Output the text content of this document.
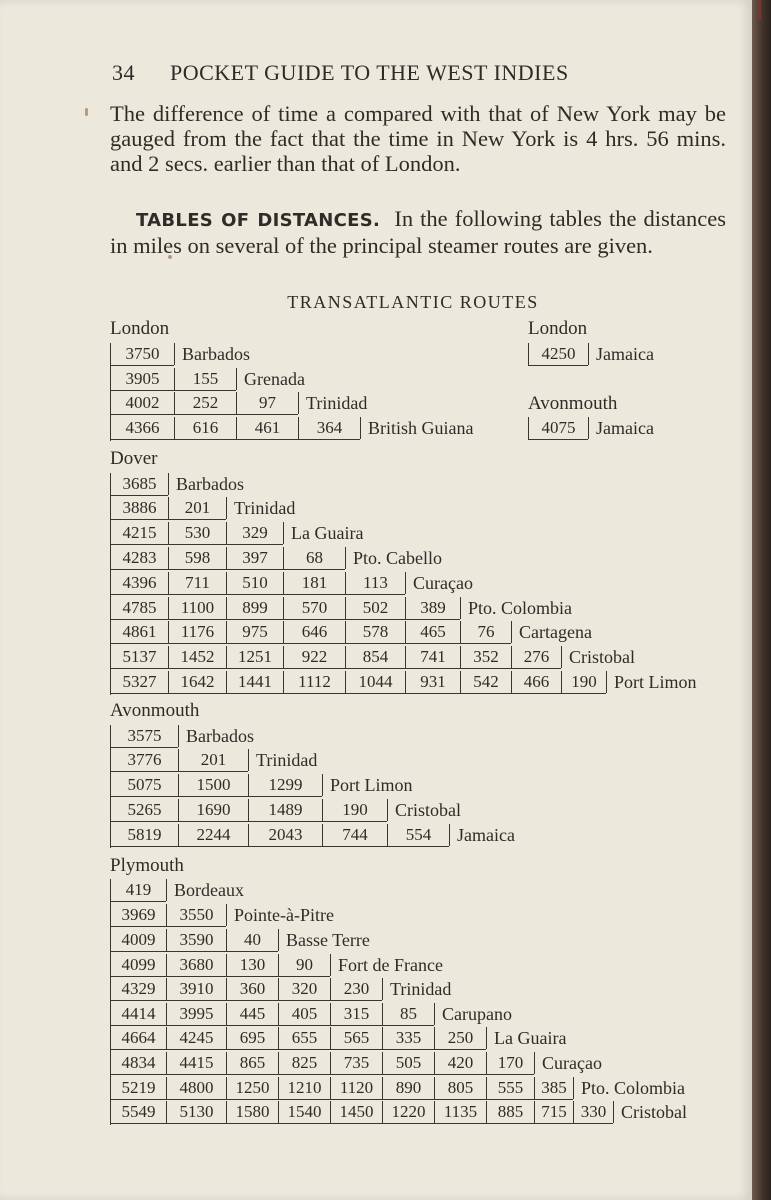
34 POCKET GUIDE TO THE WEST INDIES

The difference of time a compared with that of New York may be gauged from the fact that the time in New York is 4 hrs. 56 mins. and 2 secs. earlier than that of London.

TABLES OF DISTANCES. In the following tables the distances in miles on several of the principal steamer routes are given.

TRANSATLANTIC ROUTES
London
3750	Barbados
3905	155	Grenada
4002	252	97	Trinidad
4366	616	461	364	British Guiana
Dover
3685	Barbados
3886	201	Trinidad
4215	530	329	La Guaira
4283	598	397	68	Pto. Cabello
4396	711	510	181	113	Curaçao
4785	1100	899	570	502	389	Pto. Colombia
4861	1176	975	646	578	465	76	Cartagena
5137	1452	1251	922	854	741	352	276	Cristobal
5327	1642	1441	1112	1044	931	542	466	190 Port Limon
Avonmouth
3575	Barbados
3776	201	Trinidad
5075	1500	1299	Port Limon
5265	1690	1489	190	Cristobal
5819	2244	2043	744	554	Jamaica
Plymouth
419	Bordeaux
3969	3550	Pointe-à-Pitre
4009	3590	40	Basse Terre
4099	3680	130	90	Fort de France
4329	3910	360	320	230	Trinidad
4414	3995	445	405	315	85	Carupano
4664	4245	695	655	565	335	250	La Guaira
4834	4415	865	825	735	505	420	170	Curaçao
5219	4800	1250	1210	1120	890	805	555	385 Pto. Colombia
5549	5130	1580	1540	1450	1220	1135	885	715 330 Cristobal
London
4250	Jamaica
Avonmouth
4075	Jamaica
